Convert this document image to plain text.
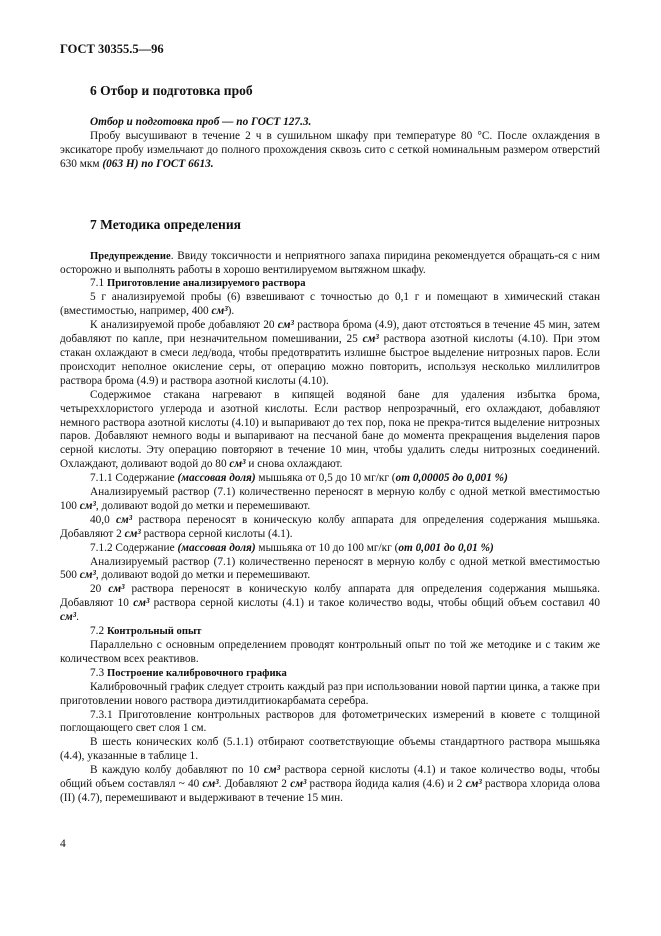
ГОСТ 30355.5—96
6 Отбор и подготовка проб

Отбор и подготовка проб — по ГОСТ 127.3.

Пробу высушивают в течение 2 ч в сушильном шкафу при температуре 80 °С. После охлаждения в эксикаторе пробу измельчают до полного прохождения сквозь сито с сеткой номинальным размером отверстий 630 мкм (063 Н) по ГОСТ 6613.

7 Методика определения

Предупреждение. Ввиду токсичности и неприятного запаха пиридина рекомендуется обращать-ся с ним осторожно и выполнять работы в хорошо вентилируемом вытяжном шкафу.

7.1 Приготовление анализируемого раствора

5 г анализируемой пробы (6) взвешивают с точностью до 0,1 г и помещают в химический стакан (вместимостью, например, 400 см³).

К анализируемой пробе добавляют 20 см³ раствора брома (4.9), дают отстояться в течение 45 мин, затем добавляют по капле, при незначительном помешивании, 25 см³ раствора азотной кислоты (4.10). При этом стакан охлаждают в смеси лед/вода, чтобы предотвратить излишне быстрое выделение нитрозных паров. Если происходит неполное окисление серы, от операцию можно повторить, используя несколько миллилитров раствора брома (4.9) и раствора азотной кислоты (4.10).

Содержимое стакана нагревают в кипящей водяной бане для удаления избытка брома, четыреххлористого углерода и азотной кислоты. Если раствор непрозрачный, его охлаждают, добавляют немного раствора азотной кислоты (4.10) и выпаривают до тех пор, пока не прекра-тится выделение нитрозных паров. Добавляют немного воды и выпаривают на песчаной бане до момента прекращения выделения паров серной кислоты. Эту операцию повторяют в течение 10 мин, чтобы удалить следы нитрозных соединений. Охлаждают, доливают водой до 80 см³ и снова охлаждают.

7.1.1 Содержание (массовая доля) мышьяка от 0,5 до 10 мг/кг (от 0,00005 до 0,001 %)

Анализируемый раствор (7.1) количественно переносят в мерную колбу с одной меткой вместимостью 100 см³, доливают водой до метки и перемешивают.

40,0 см³ раствора переносят в коническую колбу аппарата для определения содержания мышьяка. Добавляют 2 см³ раствора серной кислоты (4.1).

7.1.2 Содержание (массовая доля) мышьяка от 10 до 100 мг/кг (от 0,001 до 0,01 %)

Анализируемый раствор (7.1) количественно переносят в мерную колбу с одной меткой вместимостью 500 см³, доливают водой до метки и перемешивают.

20 см³ раствора переносят в коническую колбу аппарата для определения содержания мышьяка. Добавляют 10 см³ раствора серной кислоты (4.1) и такое количество воды, чтобы общий объем составил 40 см³.

7.2 Контрольный опыт

Параллельно с основным определением проводят контрольный опыт по той же методике и с таким же количеством всех реактивов.

7.3 Построение калибровочного графика

Калибровочный график следует строить каждый раз при использовании новой партии цинка, а также при приготовлении нового раствора диэтилдитиокарбамата серебра.

7.3.1 Приготовление контрольных растворов для фотометрических измерений в кювете с толщиной поглощающего свет слоя 1 см.

В шесть конических колб (5.1.1) отбирают соответствующие объемы стандартного раствора мышьяка (4.4), указанные в таблице 1.

В каждую колбу добавляют по 10 см³ раствора серной кислоты (4.1) и такое количество воды, чтобы общий объем составлял ~ 40 см³. Добавляют 2 см³ раствора йодида калия (4.6) и 2 см³ раствора хлорида олова (II) (4.7), перемешивают и выдерживают в течение 15 мин.

4
